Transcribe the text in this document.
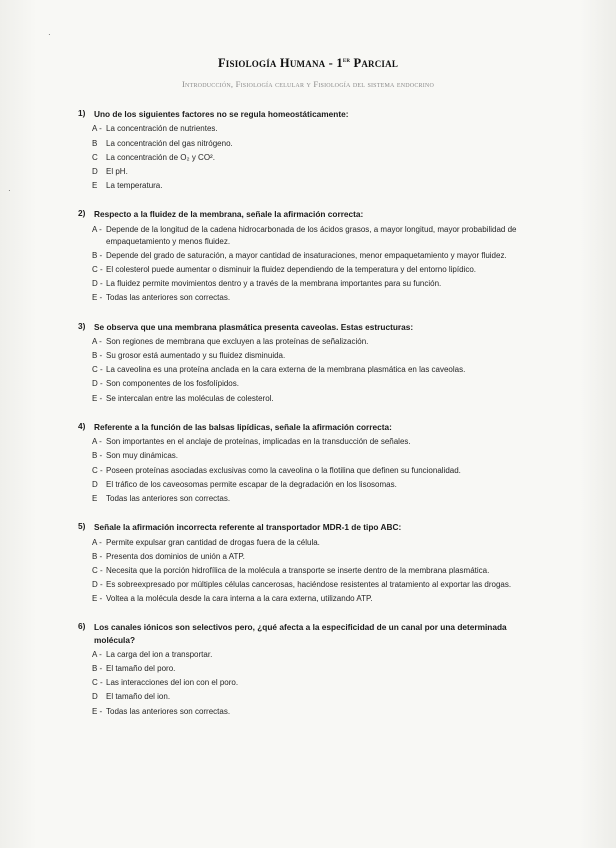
·
·
Fisiología Humana - 1er Parcial
Introducción, Fisiología celular y Fisiología del sistema endocrino
1)	Uno de los siguientes factores no se regula homeostáticamente:
A - La concentración de nutrientes.
B	La concentración del gas nitrógeno.
C	La concentración de O₂ y CO².
D	El pH.
E	La temperatura.
2)	Respecto a la fluidez de la membrana, señale la afirmación correcta:
A - Depende de la longitud de la cadena hidrocarbonada de los ácidos grasos, a mayor longitud, mayor probabilidad de empaquetamiento y menos fluidez.
B - Depende del grado de saturación, a mayor cantidad de insaturaciones, menor empaquetamiento y mayor fluidez.
C - El colesterol puede aumentar o disminuir la fluidez dependiendo de la temperatura y del entorno lipídico.
D - La fluidez permite movimientos dentro y a través de la membrana importantes para su función.
E - Todas las anteriores son correctas.
3)	Se observa que una membrana plasmática presenta caveolas. Estas estructuras:
A - Son regiones de membrana que excluyen a las proteínas de señalización.
B - Su grosor está aumentado y su fluidez disminuida.
C - La caveolina es una proteína anclada en la cara externa de la membrana plasmática en las caveolas.
D - Son componentes de los fosfolípidos.
E - Se intercalan entre las moléculas de colesterol.
4)	Referente a la función de las balsas lipídicas, señale la afirmación correcta:
A - Son importantes en el anclaje de proteínas, implicadas en la transducción de señales.
B - Son muy dinámicas.
C - Poseen proteínas asociadas exclusivas como la caveolina o la flotilina que definen su funcionalidad.
D	El tráfico de los caveosomas permite escapar de la degradación en los lisosomas.
E	Todas las anteriores son correctas.
5)	Señale la afirmación incorrecta referente al transportador MDR-1 de tipo ABC:
A - Permite expulsar gran cantidad de drogas fuera de la célula.
B - Presenta dos dominios de unión a ATP.
C - Necesita que la porción hidrofílica de la molécula a transporte se inserte dentro de la membrana plasmática.
D - Es sobreexpresado por múltiples células cancerosas, haciéndose resistentes al tratamiento al exportar las drogas.
E - Voltea a la molécula desde la cara interna a la cara externa, utilizando ATP.
6)	Los canales iónicos son selectivos pero, ¿qué afecta a la especificidad de un canal por una determinada molécula?
A - La carga del ion a transportar.
B - El tamaño del poro.
C - Las interacciones del ion con el poro.
D	El tamaño del ion.
E - Todas las anteriores son correctas.
